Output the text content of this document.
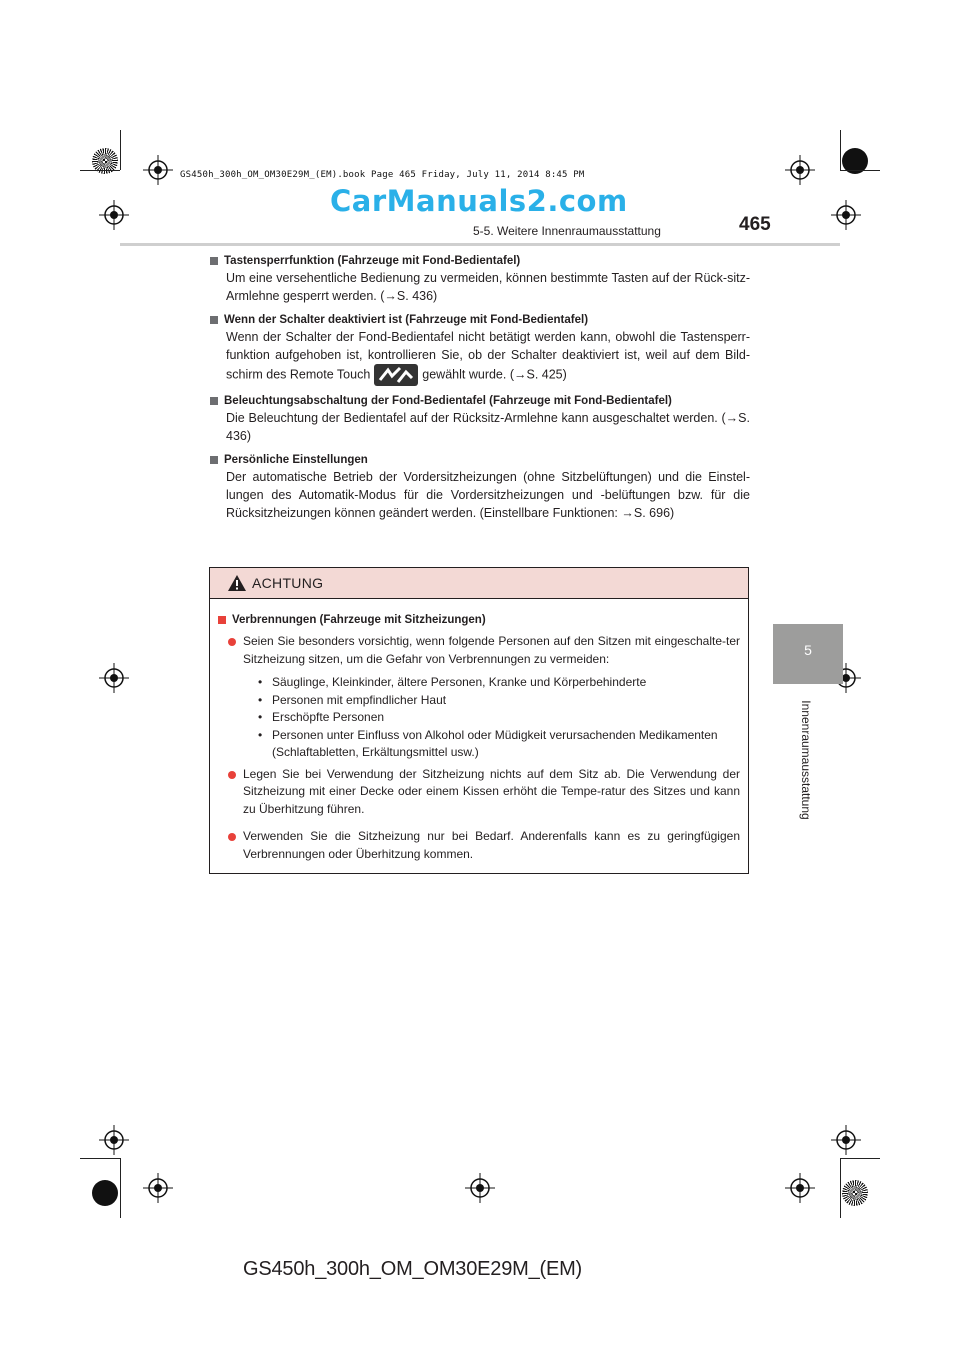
GS450h_300h_OM_OM30E29M_(EM).book Page 465 Friday, July 11, 2014 8:45 PM
CarManuals2.com
5-5. Weitere Innenraumausstattung	465
5
Innenraumausstattung
Tastensperrfunktion (Fahrzeuge mit Fond-Bedientafel)
Um eine versehentliche Bedienung zu vermeiden, können bestimmte Tasten auf der Rück-sitz-Armlehne gesperrt werden. (→S. 436)
Wenn der Schalter deaktiviert ist (Fahrzeuge mit Fond-Bedientafel)
Wenn der Schalter der Fond-Bedientafel nicht betätigt werden kann, obwohl die Tastensperr-funktion aufgehoben ist, kontrollieren Sie, ob der Schalter deaktiviert ist, weil auf dem Bild-schirm des Remote Touch	gewählt wurde. (→S. 425)
Beleuchtungsabschaltung der Fond-Bedientafel (Fahrzeuge mit Fond-Bedientafel)
Die Beleuchtung der Bedientafel auf der Rücksitz-Armlehne kann ausgeschaltet werden. (→S. 436)
Persönliche Einstellungen
Der automatische Betrieb der Vordersitzheizungen (ohne Sitzbelüftungen) und die Einstel-lungen des Automatik-Modus für die Vordersitzheizungen und -belüftungen bzw. für die Rücksitzheizungen können geändert werden. (Einstellbare Funktionen: →S. 696)
ACHTUNG
Verbrennungen (Fahrzeuge mit Sitzheizungen)
Seien Sie besonders vorsichtig, wenn folgende Personen auf den Sitzen mit eingeschalte-ter Sitzheizung sitzen, um die Gefahr von Verbrennungen zu vermeiden:
• Säuglinge, Kleinkinder, ältere Personen, Kranke und Körperbehinderte
• Personen mit empfindlicher Haut
• Erschöpfte Personen
• Personen unter Einfluss von Alkohol oder Müdigkeit verursachenden Medikamenten (Schlaftabletten, Erkältungsmittel usw.)
Legen Sie bei Verwendung der Sitzheizung nichts auf dem Sitz ab. Die Verwendung der Sitzheizung mit einer Decke oder einem Kissen erhöht die Tempe-ratur des Sitzes und kann zu Überhitzung führen.
Verwenden Sie die Sitzheizung nur bei Bedarf. Anderenfalls kann es zu geringfügigen Verbrennungen oder Überhitzung kommen.
GS450h_300h_OM_OM30E29M_(EM)
